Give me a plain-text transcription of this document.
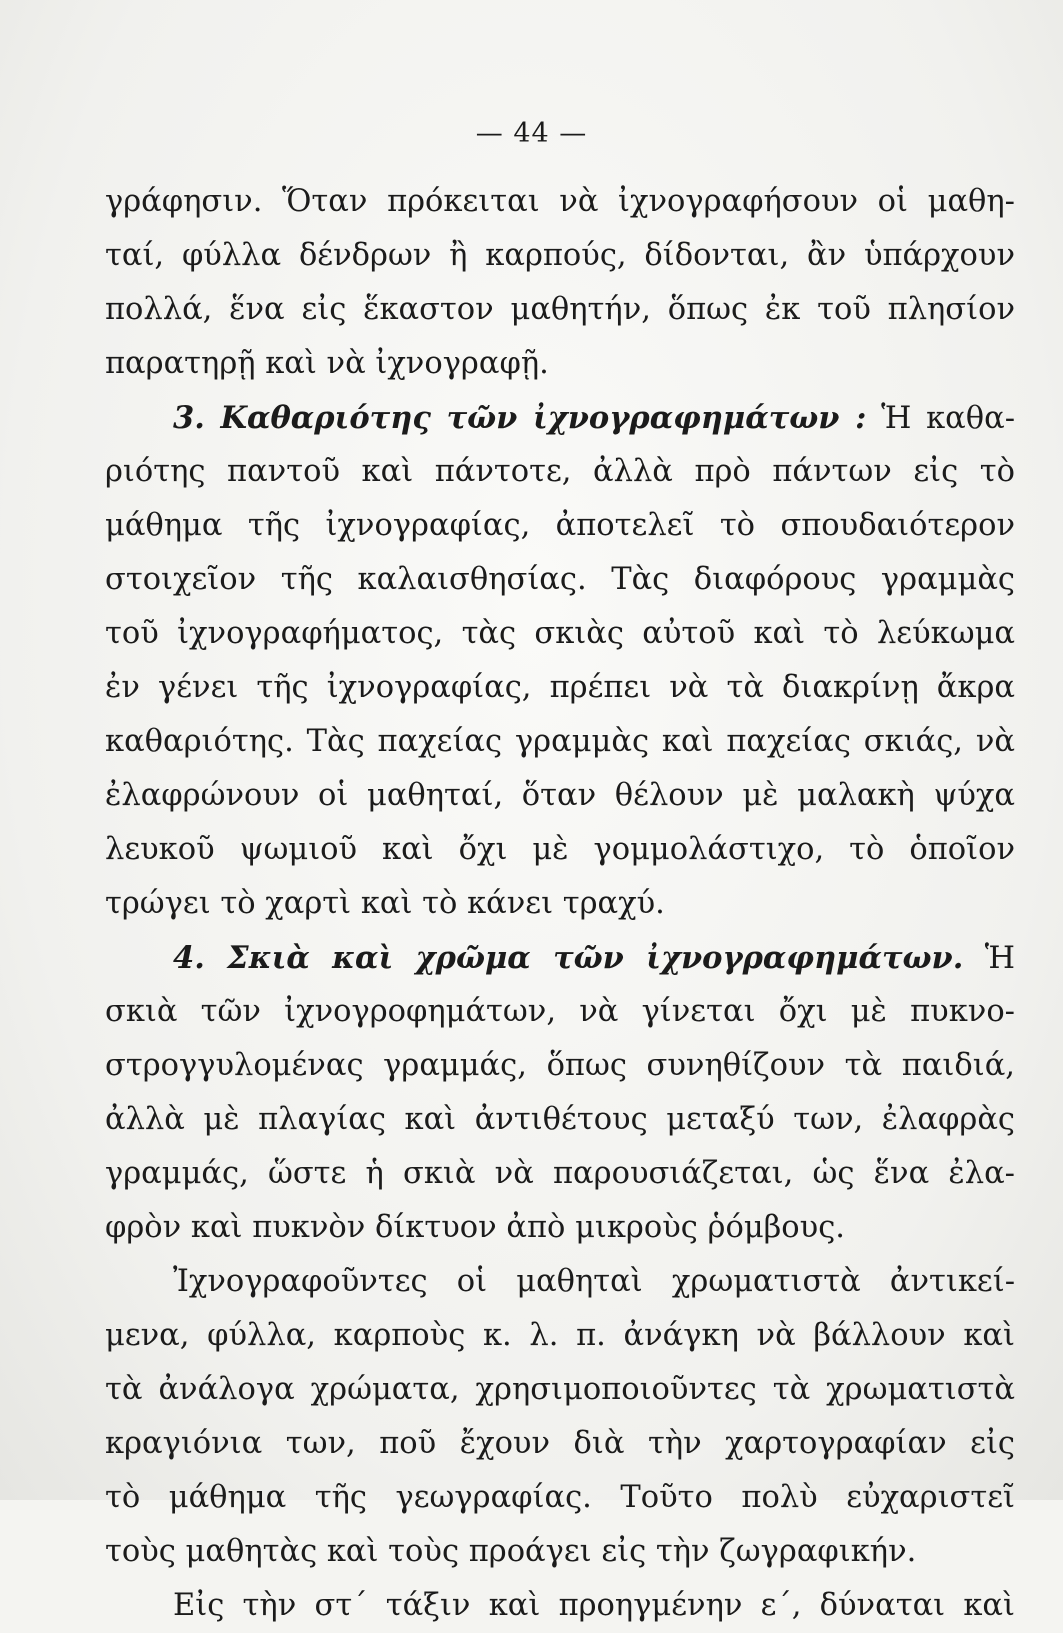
— 44 —
γράφησιν. Ὅταν πρόκειται νὰ ἰχνογραφήσουν οἱ μαθη-
ταί, φύλλα δένδρων ἢ καρπούς, δίδονται, ἂν ὑπάρχουν
πολλά, ἕνα εἰς ἕκαστον μαθητήν, ὅπως ἐκ τοῦ πλησίον
παρατηρῇ καὶ νὰ ἰχνογραφῇ.
3. Καθαριότης τῶν ἰχνογραφημάτων : Ἡ καθα-
ριότης παντοῦ καὶ πάντοτε, ἀλλὰ πρὸ πάντων εἰς τὸ
μάθημα τῆς ἰχνογραφίας, ἀποτελεῖ τὸ σπουδαιότερον
στοιχεῖον τῆς καλαισθησίας. Τὰς διαφόρους γραμμὰς
τοῦ ἰχνογραφήματος, τὰς σκιὰς αὐτοῦ καὶ τὸ λεύκωμα
ἐν γένει τῆς ἰχνογραφίας, πρέπει νὰ τὰ διακρίνῃ ἄκρα
καθαριότης. Τὰς παχείας γραμμὰς καὶ παχείας σκιάς, νὰ
ἐλαφρώνουν οἱ μαθηταί, ὅταν θέλουν μὲ μαλακὴ ψύχα
λευκοῦ ψωμιοῦ καὶ ὄχι μὲ γομμολάστιχο, τὸ ὁποῖον
τρώγει τὸ χαρτὶ καὶ τὸ κάνει τραχύ.
4. Σκιὰ καὶ χρῶμα τῶν ἰχνογραφημάτων. Ἡ
σκιὰ τῶν ἰχνογροφημάτων, νὰ γίνεται ὄχι μὲ πυκνο-
στρογγυλομένας γραμμάς, ὅπως συνηθίζουν τὰ παιδιά,
ἀλλὰ μὲ πλαγίας καὶ ἀντιθέτους μεταξύ των, ἐλαφρὰς
γραμμάς, ὥστε ἡ σκιὰ νὰ παρουσιάζεται, ὡς ἕνα ἐλα-
φρὸν καὶ πυκνὸν δίκτυον ἀπὸ μικροὺς ῥόμβους.
Ἰχνογραφοῦντες οἱ μαθηταὶ χρωματιστὰ ἀντικεί-
μενα, φύλλα, καρποὺς κ. λ. π. ἀνάγκη νὰ βάλλουν καὶ
τὰ ἀνάλογα χρώματα, χρησιμοποιοῦντες τὰ χρωματιστὰ
κραγιόνια των, ποῦ ἔχουν διὰ τὴν χαρτογραφίαν εἰς
τὸ μάθημα τῆς γεωγραφίας. Τοῦτο πολὺ εὐχαριστεῖ
τοὺς μαθητὰς καὶ τοὺς προάγει εἰς τὴν ζωγραφικήν.
Εἰς τὴν στ´ τάξιν καὶ προηγμένην ε´, δύναται καὶ
